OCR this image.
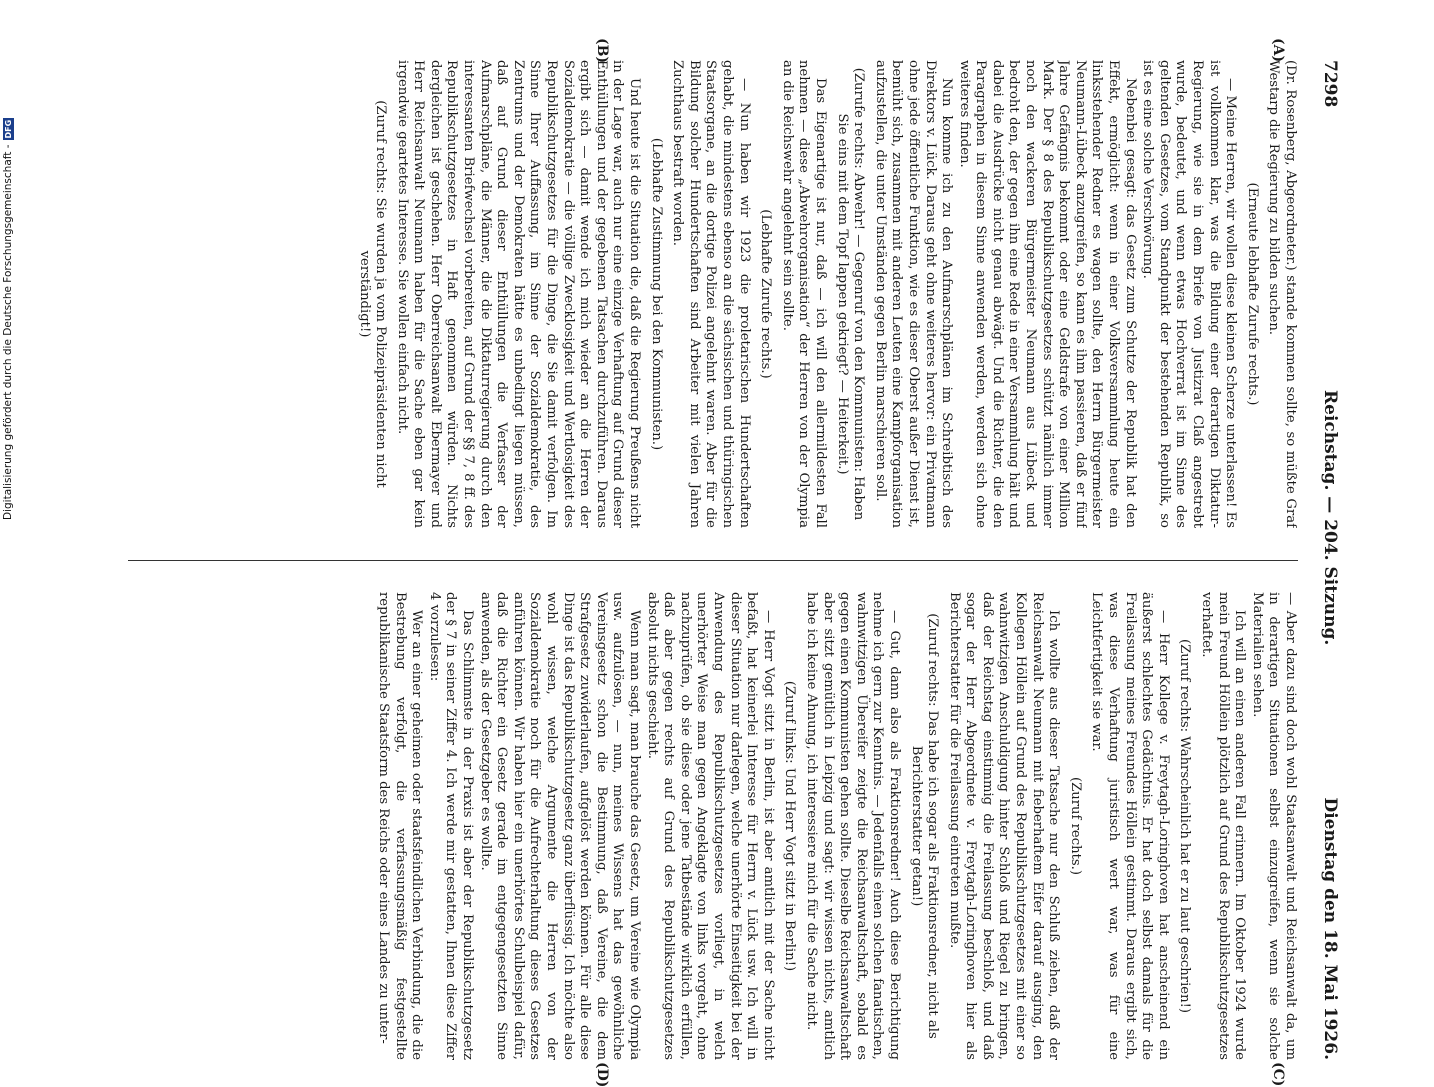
7298
Reichstag. — 204. Sitzung.
Dienstag den 18. Mai 1926.

(Dr. Rosenberg, Abgeordneter.) stande kommen sollte, so müßte Graf Westarp die Regierung zu bilden suchen.

(Erneute lebhafte Zurufe rechts.)

— Meine Herren, wir wollen diese kleinen Scherze unterlassen! Es ist vollkommen klar, was die Bildung einer derartigen Diktatur-Regierung, wie sie in dem Briefe von Justizrat Claß angestrebt wurde, bedeutet, und wenn etwas Hochverrat ist im Sinne des geltenden Gesetzes, vom Standpunkt der bestehenden Republik, so ist es eine solche Verschwörung.

Nebenbei gesagt: das Gesetz zum Schutze der Republik hat den Effekt, ermöglicht: wenn in einer Volksversammlung heute ein linksstehender Redner es wagen sollte, den Herrn Bürgermeister Neumann-Lübeck anzugreifen, so kann es ihm passieren, daß er fünf Jahre Gefängnis bekommt oder eine Geldstrafe von einer Million Mark. Der § 8 des Republikschutzgesetzes schützt nämlich immer noch den wackeren Bürgermeister Neumann aus Lübeck und bedroht den, der gegen ihn eine Rede in einer Versammlung hält und dabei die Ausdrücke nicht genau abwägt. Und die Richter, die den Paragraphen in diesem Sinne anwenden werden, werden sich ohne weiteres finden.

Nun komme ich zu den Aufmarschplänen im Schreibtisch des Direktors v. Lück. Daraus geht ohne weiteres hervor: ein Privatmann ohne jede öffentliche Funktion, wie es dieser Oberst außer Dienst ist, bemüht sich, zusammen mit anderen Leuten eine Kampforganisation aufzustellen, die unter Umständen gegen Berlin marschieren soll.

(Zurufe rechts: Abwehr! — Gegenruf von den Kommunisten: Haben Sie eins mit dem Topf lappen gekriegt? — Heiterkeit.)

Das Eigenartige ist nur, daß — ich will den allermildesten Fall nehmen — diese „Abwehrorganisation“ der Herren von der Olympia an die Reichswehr angelehnt sein sollte.

(Lebhafte Zurufe rechts.)

— Nun haben wir 1923 die proletarischen Hundertschaften gehabt, die mindestens ebenso an die sächsischen und thüringischen Staatsorgane, an die dortige Polizei angelehnt waren. Aber für die Bildung solcher Hundertschaften sind Arbeiter mit vielen Jahren Zuchthaus bestraft worden.

(Lebhafte Zustimmung bei den Kommunisten.)

Und heute ist die Situation die, daß die Regierung Preußens nicht in der Lage war, auch nur eine einzige Verhaftung auf Grund dieser Enthüllungen und der gegebenen Tatsachen durchzuführen. Daraus ergibt sich — damit wende ich mich wieder an die Herren der Sozialdemokratie — die völlige Zwecklosigkeit und Wertlosigkeit des Republikschutzgesetzes für die Dinge, die Sie damit verfolgen. Im Sinne Ihrer Auffassung, im Sinne der Sozialdemokratie, des Zentrums und der Demokraten hätte es unbedingt liegen müssen, daß auf Grund dieser Enthüllungen die Verfasser der Aufmarschpläne, die Männer, die die Diktaturregierung durch den interessanten Briefwechsel vorbereiten, auf Grund der §§ 7, 8 ff. des Republikschutzgesetzes in Haft genommen würden. Nichts dergleichen ist geschehen. Herr Oberreichsanwalt Ebermayer und Herr Reichsanwalt Neumann haben für die Sache eben gar kein irgendwie geartetes Interesse. Sie wollen einfach nicht.

(Zuruf rechts: Sie wurden ja vom Polizeipräsidenten nicht verständigt!)

— Aber dazu sind doch wohl Staatsanwalt und Reichsanwalt da, um in derartigen Situationen selbst einzugreifen, wenn sie solche Materialien sehen.

Ich will an einen anderen Fall erinnern. Im Oktober 1924 wurde mein Freund Höllein plötzlich auf Grund des Republikschutzgesetzes verhaftet.

(Zuruf rechts: Wahrscheinlich hat er zu laut geschrien!)

— Herr Kollege v. Freytagh-Loringhoven hat anscheinend ein äußerst schlechtes Gedächtnis. Er hat doch selbst damals für die Freilassung meines Freundes Höllein gestimmt. Daraus ergibt sich, was diese Verhaftung juristisch wert war, was für eine Leichtfertigkeit sie war.

(Zuruf rechts.)

Ich wollte aus dieser Tatsache nur den Schluß ziehen, daß der Reichsanwalt Neumann mit fieberhaftem Eifer darauf ausging, den Kollegen Höllein auf Grund des Republikschutzgesetzes mit einer so wahnwitzigen Anschuldigung hinter Schloß und Riegel zu bringen, daß der Reichstag einstimmig die Freilassung beschloß, und daß sogar der Herr Abgeordnete v. Freytagh-Loringhoven hier als Berichterstatter für die Freilassung eintreten mußte.

(Zuruf rechts: Das habe ich sogar als Fraktionsredner, nicht als Berichterstatter getan!)

— Gut, dann also als Fraktionsredner! Auch diese Berichtigung nehme ich gern zur Kenntnis. — Jedenfalls einen solchen fanatischen, wahnwitzigen Übereifer zeigte die Reichsanwaltschaft, sobald es gegen einen Kommunisten gehen sollte. Dieselbe Reichsanwaltschaft aber sitzt gemütlich in Leipzig und sagt: wir wissen nichts, amtlich habe ich keine Ahnung, ich interessiere mich für die Sache nicht.

(Zuruf links: Und Herr Vogt sitzt in Berlin!)

— Herr Vogt sitzt in Berlin, ist aber amtlich mit der Sache nicht befaßt, hat keinerlei Interesse für Herrn v. Lück usw. Ich will in dieser Situation nur darlegen, welche unerhörte Einseitigkeit bei der Anwendung des Republikschutzgesetzes vorliegt, in welch unerhörter Weise man gegen Angeklagte von links vorgeht, ohne nachzuprüfen, ob sie diese oder jene Tatbestände wirklich erfüllen, daß aber gegen rechts auf Grund des Republikschutzgesetzes absolut nichts geschieht.

Wenn man sagt, man brauche das Gesetz, um Vereine wie Olympia usw. aufzulösen, — nun, meines Wissens hat das gewöhnliche Vereinsgesetz schon die Bestimmung, daß Vereine, die dem Strafgesetz zuwiderlaufen, aufgelöst werden können. Für alle diese Dinge ist das Republikschutzgesetz ganz überflüssig. Ich möchte also wohl wissen, welche Argumente die Herren von der Sozialdemokratie noch für die Aufrechterhaltung dieses Gesetzes anführen können. Wir haben hier ein unerhörtes Schulbeispiel dafür, daß die Richter ein Gesetz gerade im entgegengesetzten Sinne anwenden, als der Gesetzgeber es wollte.

Das Schlimmste in der Praxis ist aber der Republikschutzgesetz der § 7 in seiner Ziffer 4. Ich werde mir gestatten, Ihnen diese Ziffer 4 vorzulesen:

Wer an einer geheimen oder staatsfeindlichen Verbindung, die die Bestrebung verfolgt, die verfassungsmäßig festgestellte republikanische Staatsform des Reichs oder eines Landes zu unter-

(A)
(B)
(C)
(D)
Digitalisierung gefördert durch die Deutsche Forschungsgemeinschaft -DFG
